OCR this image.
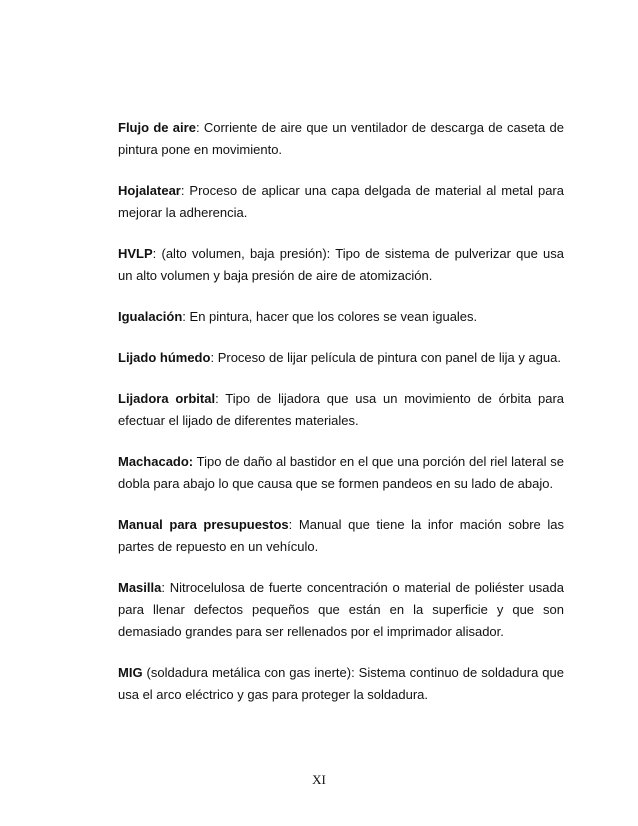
Flujo de aire: Corriente de aire que un ventilador de descarga de caseta de pintura pone en movimiento.

Hojalatear: Proceso de aplicar una capa delgada de material al metal para mejorar la adherencia.

HVLP: (alto volumen, baja presión): Tipo de sistema de pulverizar que usa un alto volumen y baja presión de aire de atomización.

Igualación: En pintura, hacer que los colores se vean iguales.

Lijado húmedo: Proceso de lijar película de pintura con panel de lija y agua.

Lijadora orbital: Tipo de lijadora que usa un movimiento de órbita para efectuar el lijado de diferentes materiales.

Machacado: Tipo de daño al bastidor en el que una porción del riel lateral se dobla para abajo lo que causa que se formen pandeos en su lado de abajo.

Manual para presupuestos: Manual que tiene la infor mación sobre las partes de repuesto en un vehículo.

Masilla: Nitrocelulosa de fuerte concentración o material de poliéster usada para llenar defectos pequeños que están en la superficie y que son demasiado grandes para ser rellenados por el imprimador alisador.

MIG (soldadura metálica con gas inerte): Sistema continuo de soldadura que usa el arco eléctrico y gas para proteger la soldadura.

XI
